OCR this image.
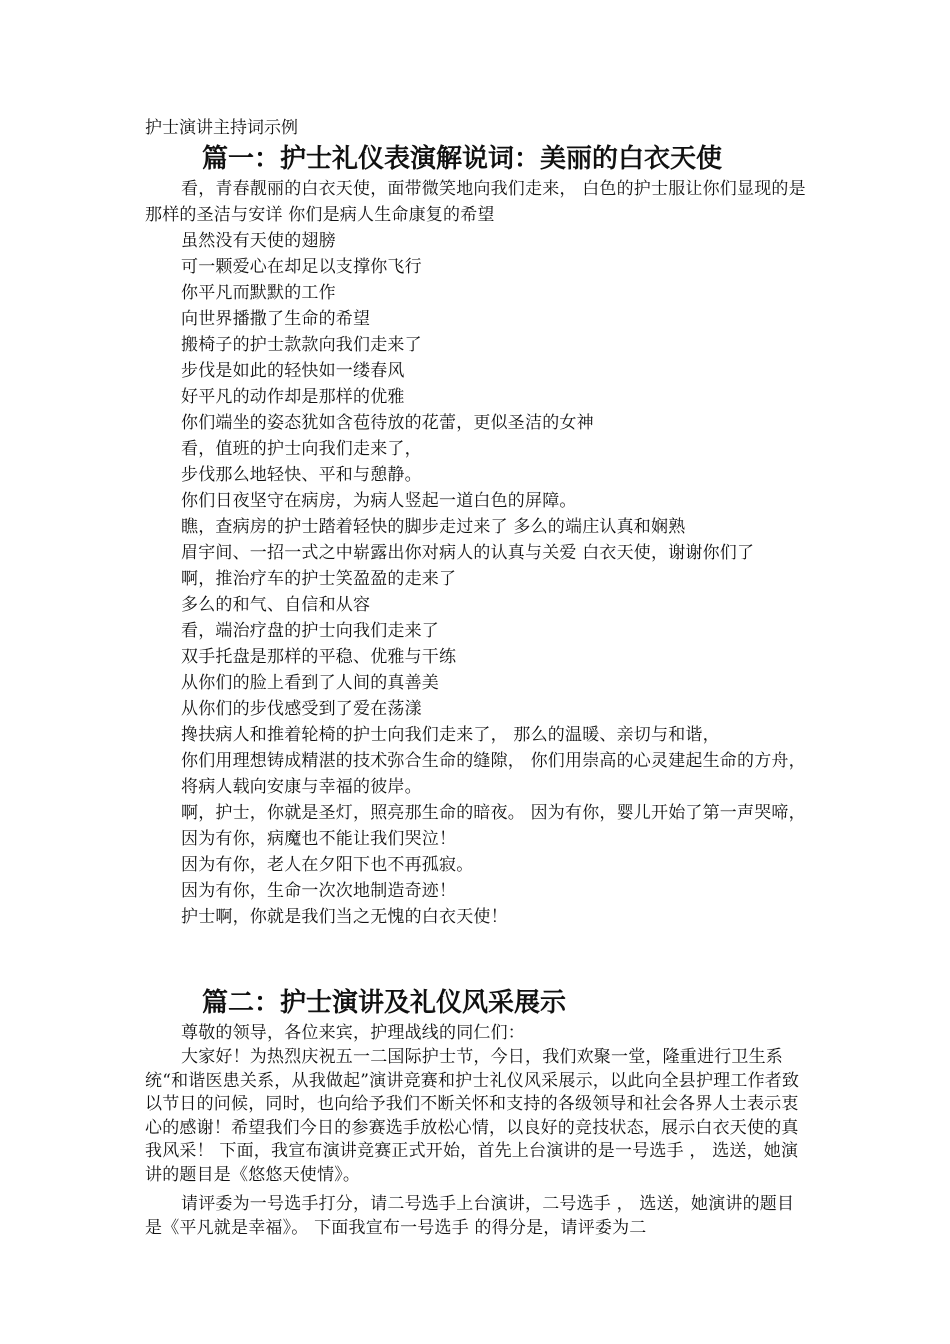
护士演讲主持词示例
篇一：护士礼仪表演解说词：美丽的白衣天使

看，青春靓丽的白衣天使，面带微笑地向我们走来， 白色的护士服让你们显现的是那样的圣洁与安详 你们是病人生命康复的希望

虽然没有天使的翅膀

可一颗爱心在却足以支撑你飞行

你平凡而默默的工作

向世界播撒了生命的希望

搬椅子的护士款款向我们走来了

步伐是如此的轻快如一缕春风

好平凡的动作却是那样的优雅

你们端坐的姿态犹如含苞待放的花蕾，更似圣洁的女神

看，值班的护士向我们走来了，

步伐那么地轻快、平和与憩静。

你们日夜坚守在病房，为病人竖起一道白色的屏障。

瞧，查病房的护士踏着轻快的脚步走过来了 多么的端庄认真和娴熟

眉宇间、一招一式之中崭露出你对病人的认真与关爱 白衣天使，谢谢你们了

啊，推治疗车的护士笑盈盈的走来了

多么的和气、自信和从容

看，端治疗盘的护士向我们走来了

双手托盘是那样的平稳、优雅与干练

从你们的脸上看到了人间的真善美

从你们的步伐感受到了爱在荡漾

搀扶病人和推着轮椅的护士向我们走来了， 那么的温暖、亲切与和谐，

你们用理想铸成精湛的技术弥合生命的缝隙， 你们用崇高的心灵建起生命的方舟，

将病人载向安康与幸福的彼岸。

啊，护士，你就是圣灯，照亮那生命的暗夜。 因为有你，婴儿开始了第一声哭啼，

因为有你，病魔也不能让我们哭泣！

因为有你，老人在夕阳下也不再孤寂。

因为有你，生命一次次地制造奇迹！

护士啊，你就是我们当之无愧的白衣天使！

篇二：护士演讲及礼仪风采展示

尊敬的领导，各位来宾，护理战线的同仁们：

大家好！为热烈庆祝五一二国际护士节，今日，我们欢聚一堂，隆重进行卫生系统“和谐医患关系，从我做起”演讲竞赛和护士礼仪风采展示，以此向全县护理工作者致以节日的问候，同时，也向给予我们不断关怀和支持的各级领导和社会各界人士表示衷心的感谢！希望我们今日的参赛选手放松心情，以良好的竞技状态，展示白衣天使的真我风采！ 下面，我宣布演讲竞赛正式开始，首先上台演讲的是一号选手 ， 选送，她演讲的题目是《悠悠天使情》。

请评委为一号选手打分，请二号选手上台演讲，二号选手 ， 选送，她演讲的题目是《平凡就是幸福》。 下面我宣布一号选手 的得分是，请评委为二
